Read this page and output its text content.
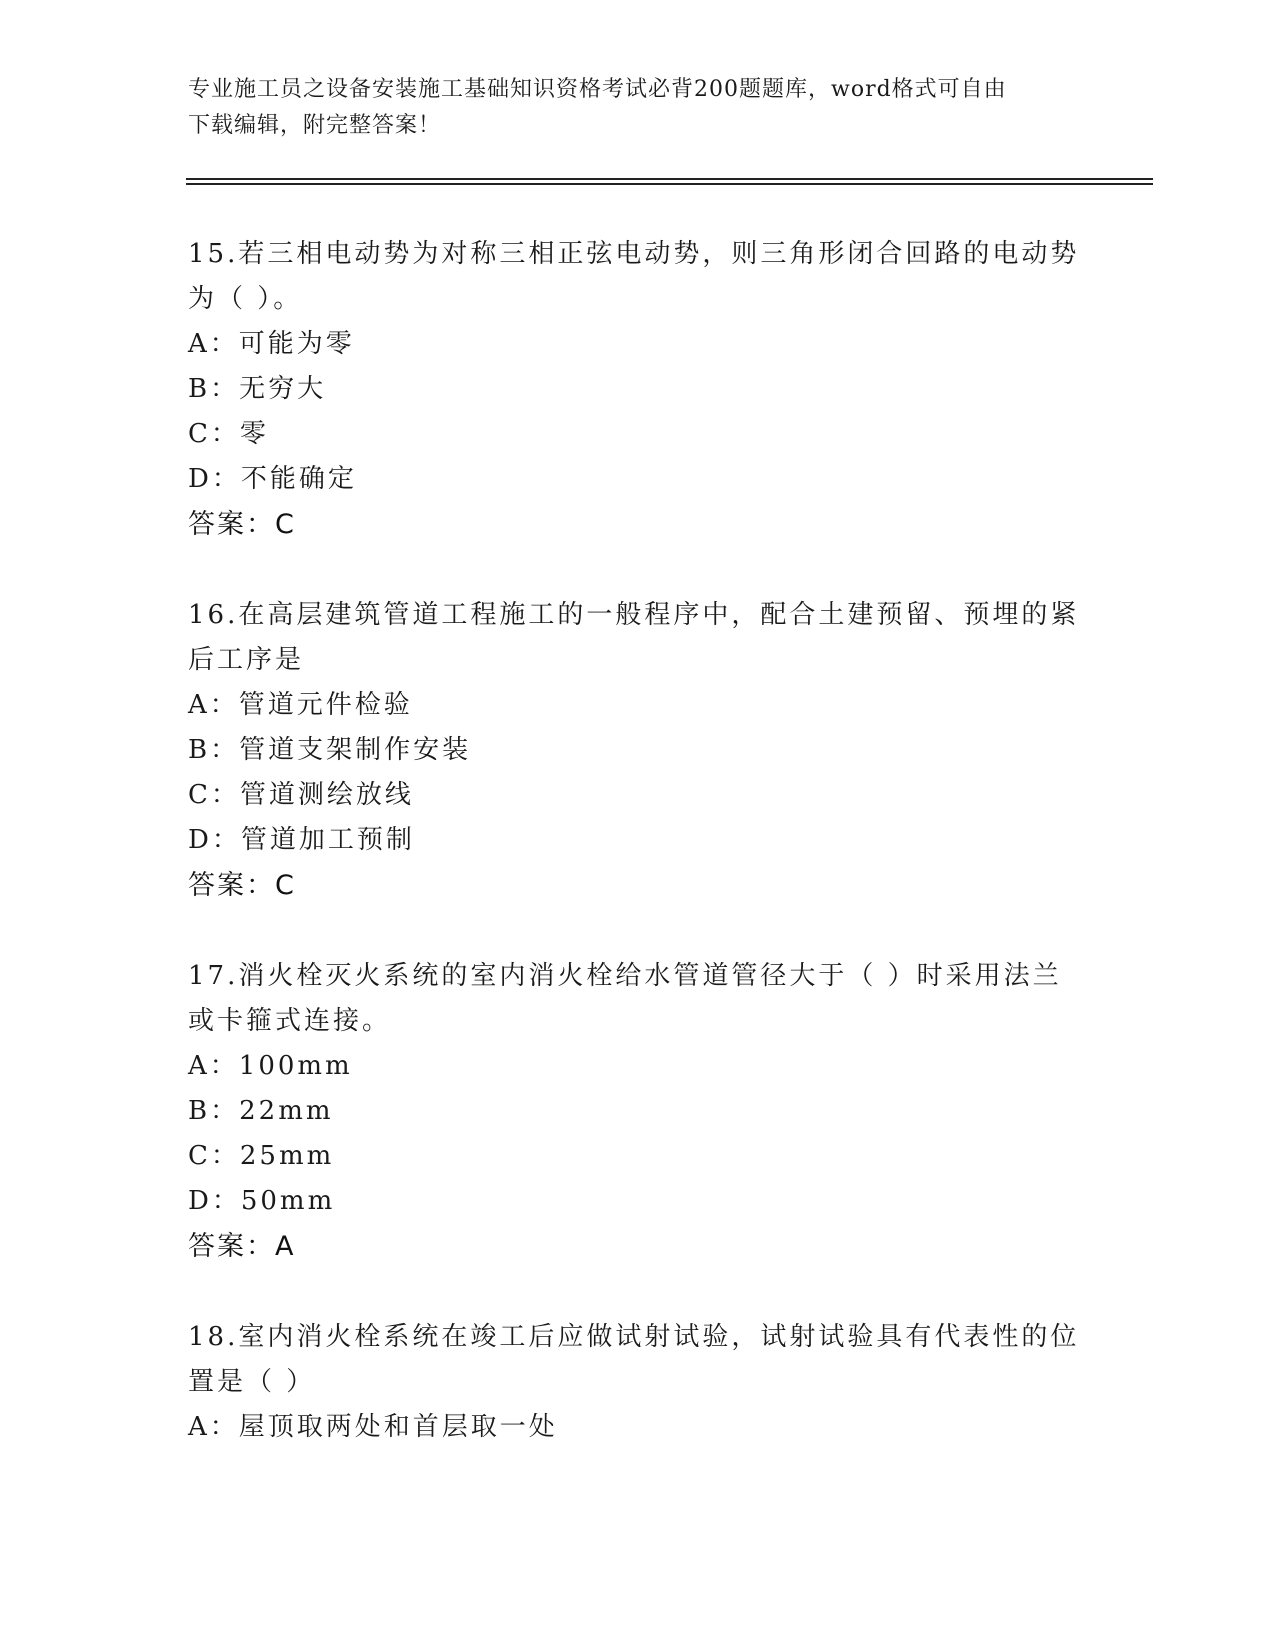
专业施工员之设备安装施工基础知识资格考试必背200题题库，word格式可自由
下载编辑，附完整答案！
15.若三相电动势为对称三相正弦电动势，则三角形闭合回路的电动势
为（ ）。
A：可能为零
B：无穷大
C：零
D：不能确定
答案：C
16.在高层建筑管道工程施工的一般程序中，配合土建预留、预埋的紧
后工序是
A：管道元件检验
B：管道支架制作安装
C：管道测绘放线
D：管道加工预制
答案：C
17.消火栓灭火系统的室内消火栓给水管道管径大于（ ）时采用法兰
或卡箍式连接。
A：100mm
B：22mm
C：25mm
D：50mm
答案：A
18.室内消火栓系统在竣工后应做试射试验，试射试验具有代表性的位
置是（ ）
A：屋顶取两处和首层取一处
